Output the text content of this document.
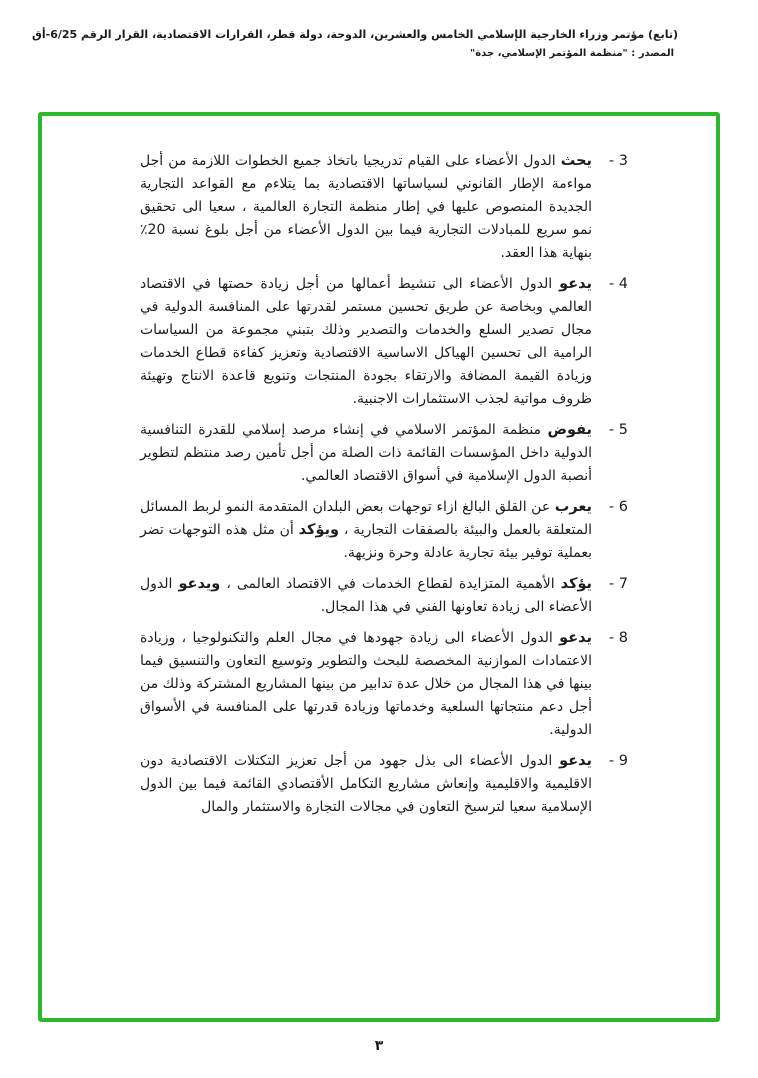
(تابع) مؤتمر وزراء الخارجية الإسلامي الخامس والعشرين، الدوحة، دولة قطر، القرارات الاقتصادية، القرار الرقم 6/25-أق
المصدر : "منظمة المؤتمر الإسلامي، جدة"
3 -
يحث الدول الأعضاء على القيام تدريجيا باتخاذ جميع الخطوات اللازمة من أجل مواءمة الإطار القانوني لسياساتها الاقتصادية بما يتلاءم مع القواعد التجارية الجديدة المنصوص عليها في إطار منظمة التجارة العالمية ، سعيا الى تحقيق نمو سريع للمبادلات التجارية فيما بين الدول الأعضاء من أجل بلوغ نسبة 20٪ بنهاية هذا العقد.
4 -
يدعو الدول الأعضاء الى تنشيط أعمالها من أجل زيادة حصتها في الاقتصاد العالمي وبخاصة عن طريق تحسين مستمر لقدرتها على المنافسة الدولية في مجال تصدير السلع والخدمات والتصدير وذلك بتبني مجموعة من السياسات الرامية الى تحسين الهياكل الاساسية الاقتصادية وتعزيز كفاءة قطاع الخدمات وزيادة القيمة المضافة والارتقاء بجودة المنتجات وتنويع قاعدة الانتاج وتهيئة ظروف مواتية لجذب الاستثمارات الاجنبية.
5 -
يفوض منظمة المؤتمر الاسلامي في إنشاء مرصد إسلامي للقدرة التنافسية الدولية داخل المؤسسات القائمة ذات الصلة من أجل تأمين رصد منتظم لتطوير أنصبة الدول الإسلامية في أسواق الاقتصاد العالمي.
6 -
يعرب عن القلق البالغ ازاء توجهات بعض البلدان المتقدمة النمو لربط المسائل المتعلقة بالعمل والبيئة بالصفقات التجارية ، ويؤكد أن مثل هذه التوجهات تضر بعملية توفير بيئة تجارية عادلة وحرة ونزيهة.
7 -
يؤكد الأهمية المتزايدة لقطاع الخدمات في الاقتصاد العالمى ، ويدعو الدول الأعضاء الى زيادة تعاونها الفني في هذا المجال.
8 -
يدعو الدول الأعضاء الى زيادة جهودها في مجال العلم والتكنولوجيا ، وزيادة الاعتمادات الموازنية المخصصة للبحث والتطوير وتوسيع التعاون والتنسيق فيما بينها في هذا المجال من خلال عدة تدابير من بينها المشاريع المشتركة وذلك من أجل دعم منتجاتها السلعية وخدماتها وزيادة قدرتها على المنافسة في الأسواق الدولية.
9 -
يدعو الدول الأعضاء الى بذل جهود من أجل تعزيز التكتلات الاقتصادية دون الاقليمية والاقليمية وإنعاش مشاريع التكامل الأقتصادي القائمة فيما بين الدول الإسلامية سعيا لترسيخ التعاون في مجالات التجارة والاستثمار والمال
٣
